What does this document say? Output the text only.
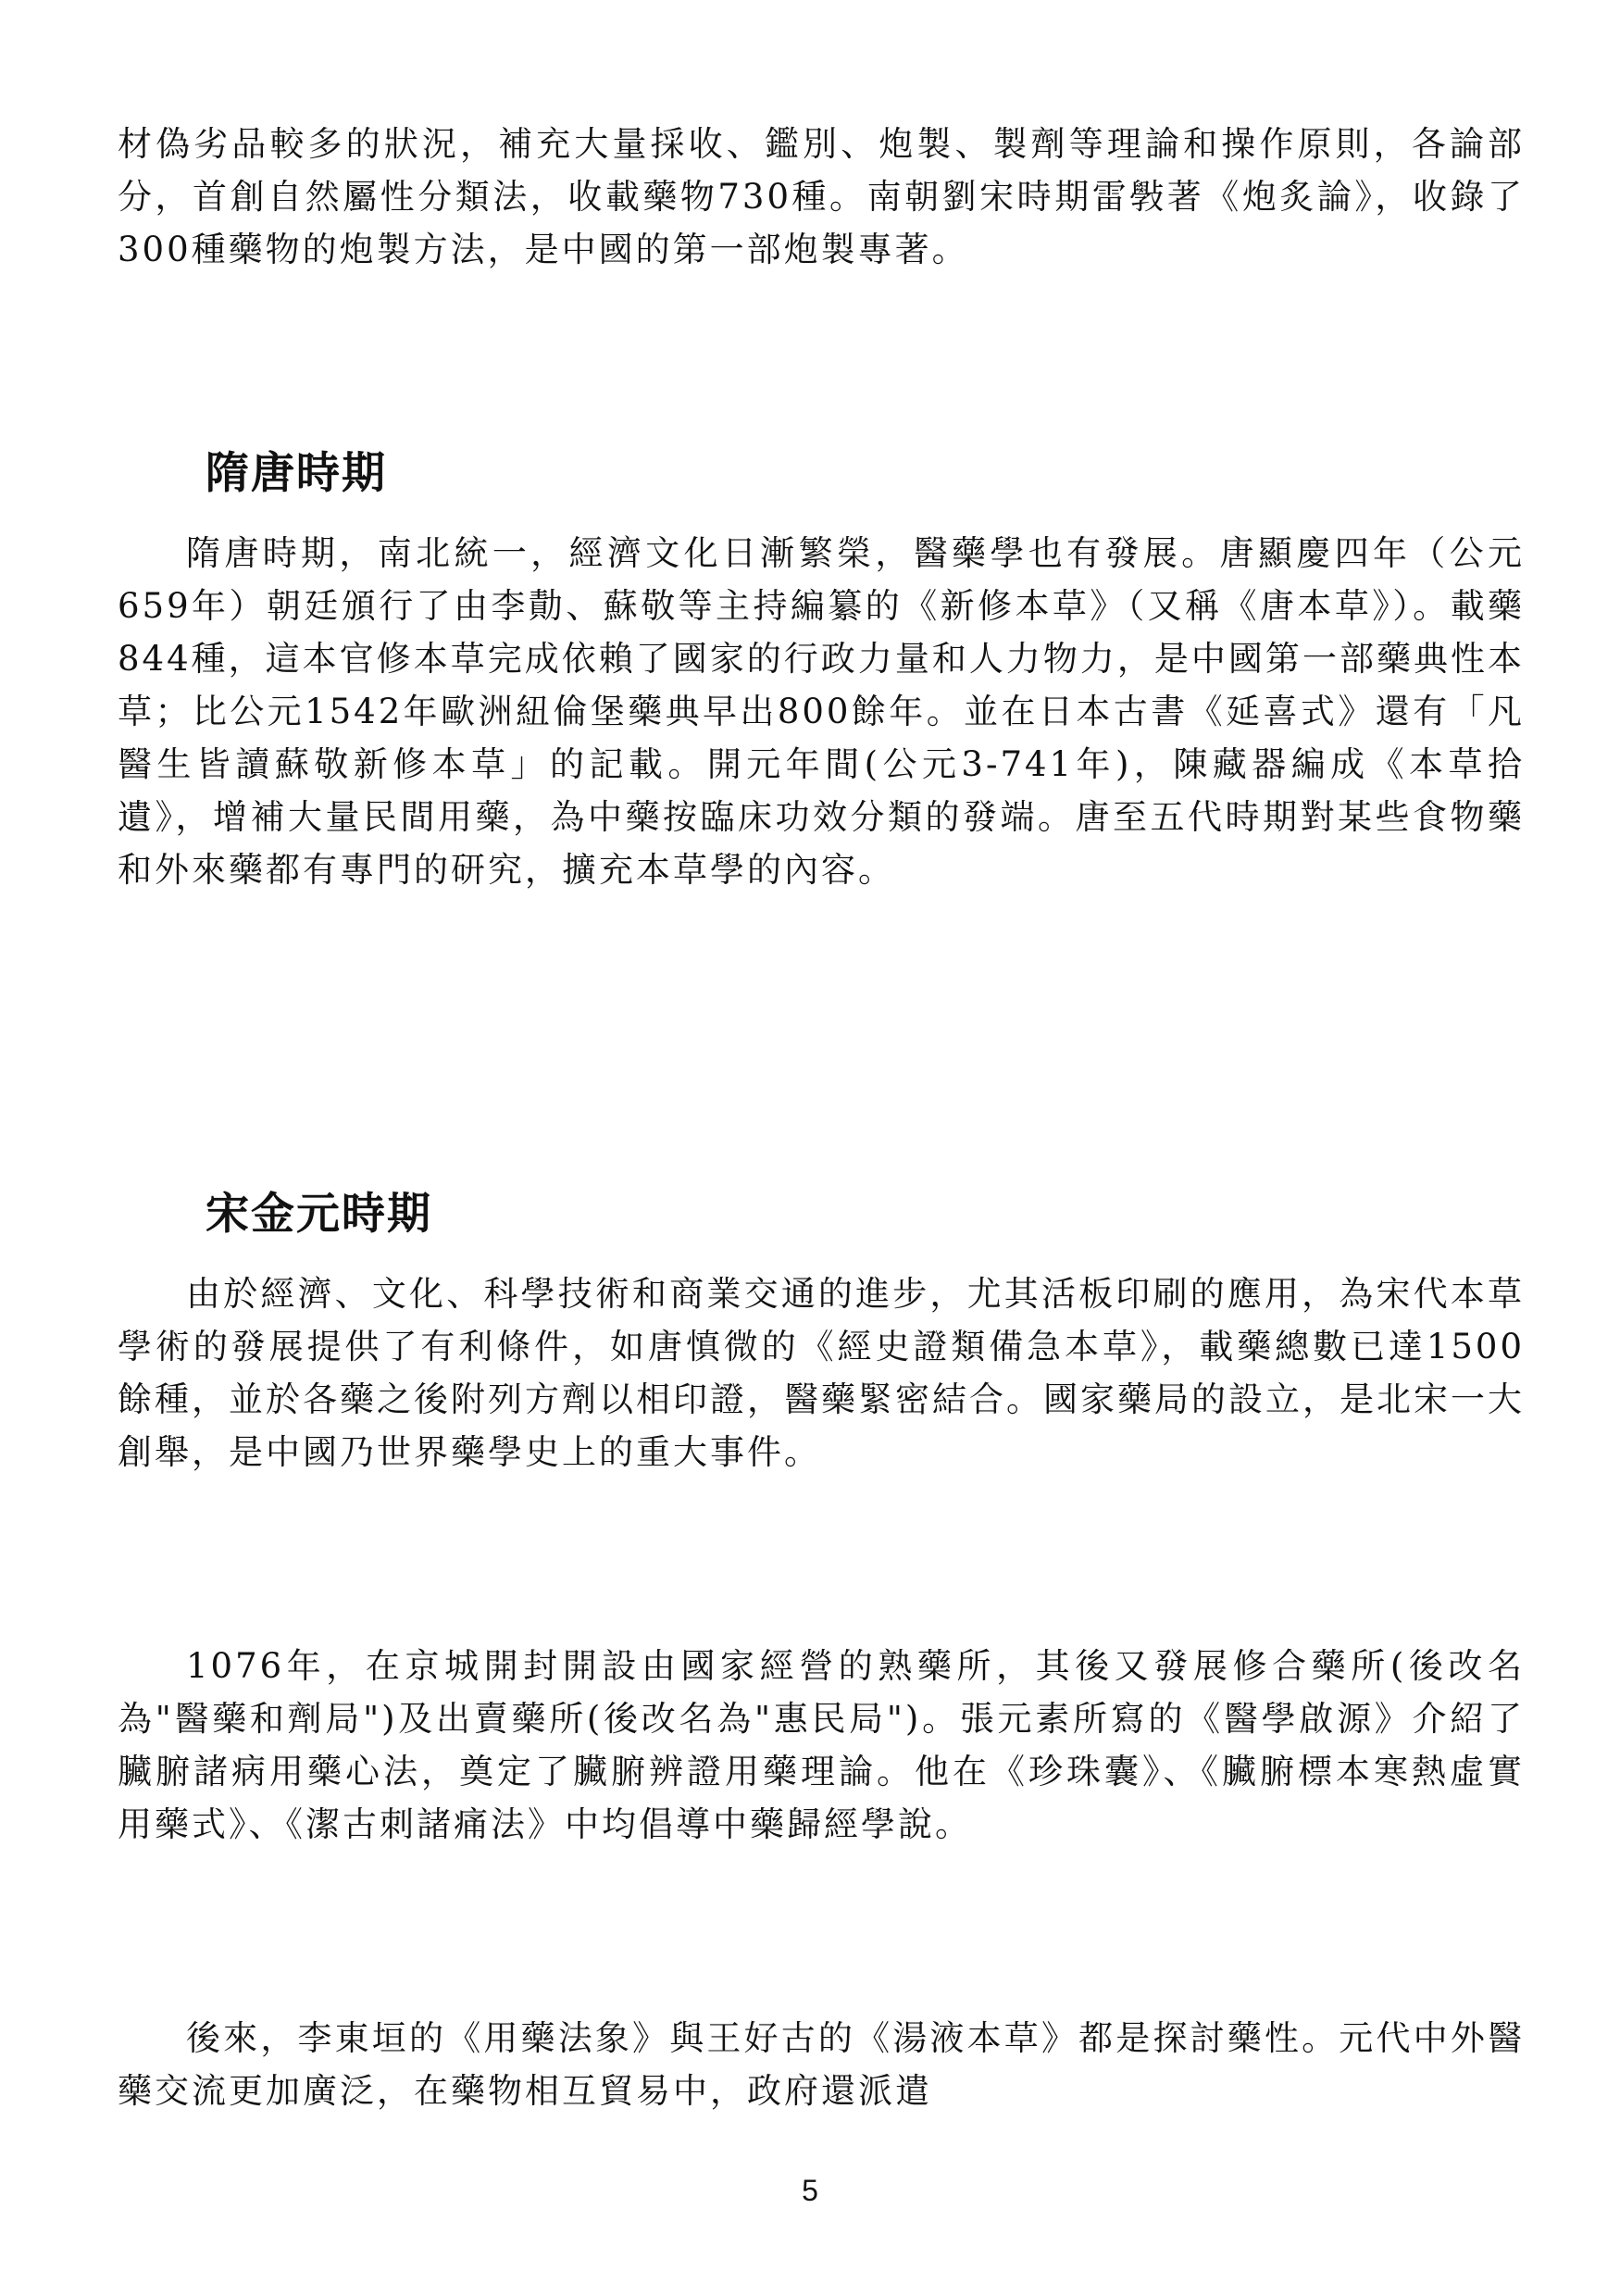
材偽劣品較多的狀況，補充大量採收、鑑別、炮製、製劑等理論和操作原則，各論部分，首創自然屬性分類法，收載藥物730種。南朝劉宋時期雷斅著《炮炙論》，收錄了300種藥物的炮製方法，是中國的第一部炮製專著。

隋唐時期

隋唐時期，南北統一，經濟文化日漸繁榮，醫藥學也有發展。唐顯慶四年（公元659年）朝廷頒行了由李勣、蘇敬等主持編纂的《新修本草》（又稱《唐本草》）。載藥844種，這本官修本草完成依賴了國家的行政力量和人力物力，是中國第一部藥典性本草；比公元1542年歐洲紐倫堡藥典早出800餘年。並在日本古書《延喜式》還有「凡醫生皆讀蘇敬新修本草」的記載。開元年間(公元3-741年)，陳藏器編成《本草拾遺》，增補大量民間用藥，為中藥按臨床功效分類的發端。唐至五代時期對某些食物藥和外來藥都有專門的研究，擴充本草學的內容。

宋金元時期

由於經濟、文化、科學技術和商業交通的進步，尤其活板印刷的應用，為宋代本草學術的發展提供了有利條件，如唐慎微的《經史證類備急本草》，載藥總數已達1500餘種，並於各藥之後附列方劑以相印證，醫藥緊密結合。國家藥局的設立，是北宋一大創舉，是中國乃世界藥學史上的重大事件。

1076年，在京城開封開設由國家經營的熟藥所，其後又發展修合藥所(後改名為"醫藥和劑局")及出賣藥所(後改名為"惠民局")。張元素所寫的《醫學啟源》介紹了臟腑諸病用藥心法，奠定了臟腑辨證用藥理論。他在《珍珠囊》、《臟腑標本寒熱虛實用藥式》、《潔古刺諸痛法》中均倡導中藥歸經學說。

後來，李東垣的《用藥法象》與王好古的《湯液本草》都是探討藥性。元代中外醫藥交流更加廣泛，在藥物相互貿易中，政府還派遣

5
